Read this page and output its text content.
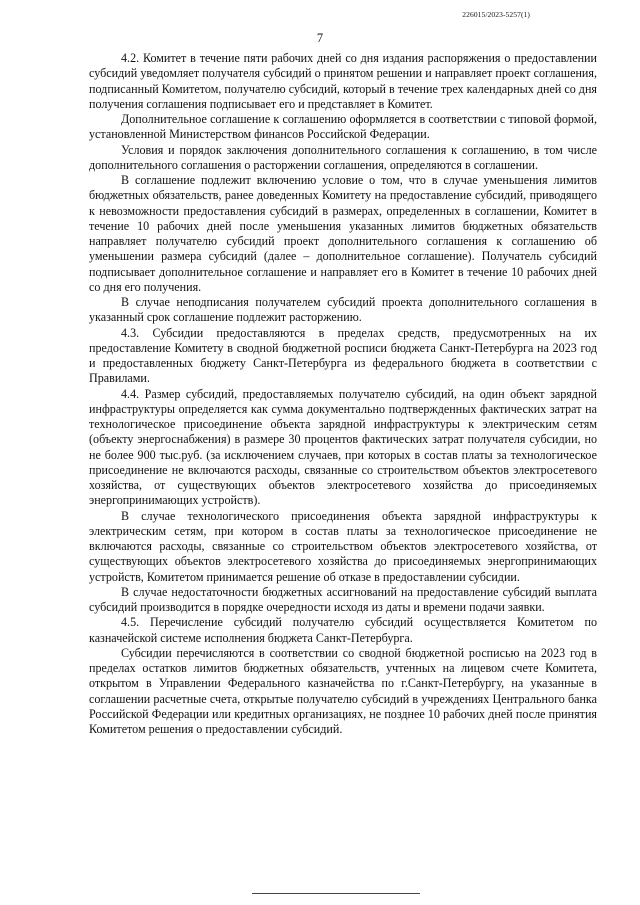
226015/2023-5257(1)
7

4.2. Комитет в течение пяти рабочих дней со дня издания распоряжения о предоставлении субсидий уведомляет получателя субсидий о принятом решении и направляет проект соглашения, подписанный Комитетом, получателю субсидий, который в течение трех календарных дней со дня получения соглашения подписывает его и представляет в Комитет.

Дополнительное соглашение к соглашению оформляется в соответствии с типовой формой, установленной Министерством финансов Российской Федерации.

Условия и порядок заключения дополнительного соглашения к соглашению, в том числе дополнительного соглашения о расторжении соглашения, определяются в соглашении.

В соглашение подлежит включению условие о том, что в случае уменьшения лимитов бюджетных обязательств, ранее доведенных Комитету на предоставление субсидий, приводящего к невозможности предоставления субсидий в размерах, определенных в соглашении, Комитет в течение 10 рабочих дней после уменьшения указанных лимитов бюджетных обязательств направляет получателю субсидий проект дополнительного соглашения к соглашению об уменьшении размера субсидий (далее – дополнительное соглашение). Получатель субсидий подписывает дополнительное соглашение и направляет его в Комитет в течение 10 рабочих дней со дня его получения.

В случае неподписания получателем субсидий проекта дополнительного соглашения в указанный срок соглашение подлежит расторжению.

4.3. Субсидии предоставляются в пределах средств, предусмотренных на их предоставление Комитету в сводной бюджетной росписи бюджета Санкт-Петербурга на 2023 год и предоставленных бюджету Санкт-Петербурга из федерального бюджета в соответствии с Правилами.

4.4. Размер субсидий, предоставляемых получателю субсидий, на один объект зарядной инфраструктуры определяется как сумма документально подтвержденных фактических затрат на технологическое присоединение объекта зарядной инфраструктуры к электрическим сетям (объекту энергоснабжения) в размере 30 процентов фактических затрат получателя субсидии, но не более 900 тыс.руб. (за исключением случаев, при которых в состав платы за технологическое присоединение не включаются расходы, связанные со строительством объектов электросетевого хозяйства, от существующих объектов электросетевого хозяйства до присоединяемых энергопринимающих устройств).

В случае технологического присоединения объекта зарядной инфраструктуры к электрическим сетям, при котором в состав платы за технологическое присоединение не включаются расходы, связанные со строительством объектов электросетевого хозяйства, от существующих объектов электросетевого хозяйства до присоединяемых энергопринимающих устройств, Комитетом принимается решение об отказе в предоставлении субсидии.

В случае недостаточности бюджетных ассигнований на предоставление субсидий выплата субсидий производится в порядке очередности исходя из даты и времени подачи заявки.

4.5. Перечисление субсидий получателю субсидий осуществляется Комитетом по казначейской системе исполнения бюджета Санкт-Петербурга.

Субсидии перечисляются в соответствии со сводной бюджетной росписью на 2023 год в пределах остатков лимитов бюджетных обязательств, учтенных на лицевом счете Комитета, открытом в Управлении Федерального казначейства по г.Санкт-Петербургу, на указанные в соглашении расчетные счета, открытые получателю субсидий в учреждениях Центрального банка Российской Федерации или кредитных организациях, не позднее 10 рабочих дней после принятия Комитетом решения о предоставлении субсидий.
